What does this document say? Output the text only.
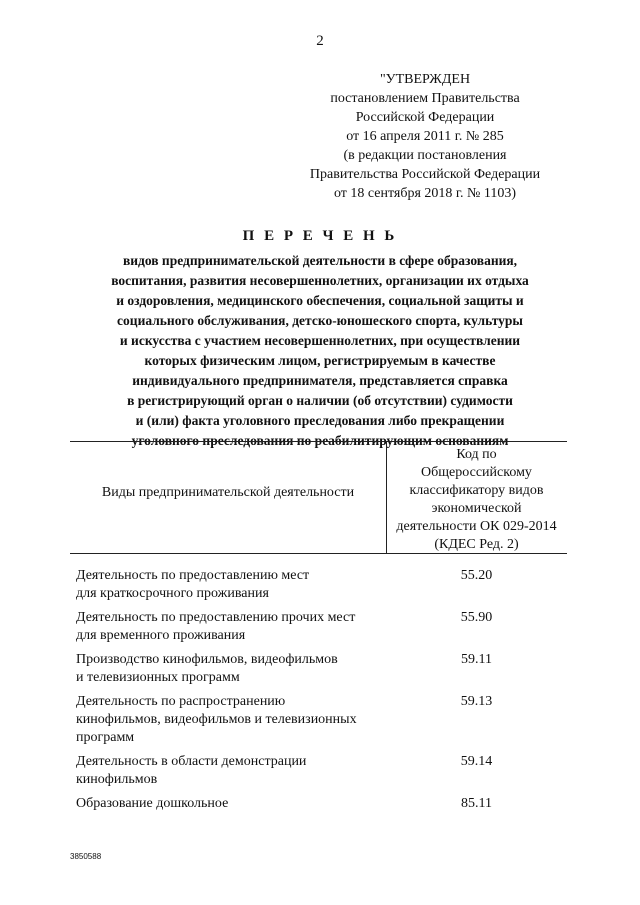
2
"УТВЕРЖДЕН
постановлением Правительства
Российской Федерации
от 16 апреля 2011 г. № 285
(в редакции постановления
Правительства Российской Федерации
от 18 сентября 2018 г. № 1103)
П Е Р Е Ч Е Н Ь
видов предпринимательской деятельности в сфере образования,
воспитания, развития несовершеннолетних, организации их отдыха
и оздоровления, медицинского обеспечения, социальной защиты и
социального обслуживания, детско-юношеского спорта, культуры
и искусства с участием несовершеннолетних, при осуществлении
которых физическим лицом, регистрируемым в качестве
индивидуального предпринимателя, представляется справка
в регистрирующий орган о наличии (об отсутствии) судимости
и (или) факта уголовного преследования либо прекращении
уголовного преследования по реабилитирующим основаниям
Виды предпринимательской деятельности
Код по
Общероссийскому
классификатору видов
экономической
деятельности ОК 029-2014
(КДЕС Ред. 2)
Деятельность по предоставлению мест
для краткосрочного проживания
55.20
Деятельность по предоставлению прочих мест
для временного проживания
55.90
Производство кинофильмов, видеофильмов
и телевизионных программ
59.11
Деятельность по распространению
кинофильмов, видеофильмов и телевизионных
программ
59.13
Деятельность в области демонстрации
кинофильмов
59.14
Образование дошкольное	85.11
3850588
